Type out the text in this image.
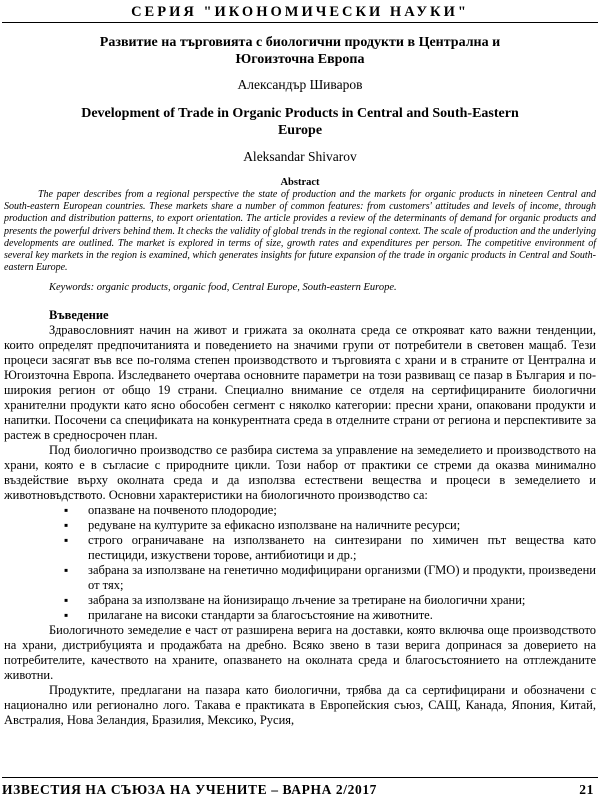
СЕРИЯ "ИКОНОМИЧЕСКИ НАУКИ"
Развитие на търговията с биологични продукти в Централна и Югоизточна Европа
Александър Шиваров
Development of Trade in Organic Products in Central and South-Eastern Europe
Aleksandar Shivarov
Abstract

The paper describes from a regional perspective the state of production and the markets for organic products in nineteen Central and South-eastern European countries. These markets share a number of common features: from customers' attitudes and levels of income, through production and distribution patterns, to export orientation. The article provides a review of the determinants of demand for organic products and presents the powerful drivers behind them. It checks the validity of global trends in the regional context. The scale of production and the underlying developments are outlined. The market is explored in terms of size, growth rates and expenditures per person. The competitive environment of several key markets in the region is examined, which generates insights for future expansion of the trade in organic products in Central and South-eastern Europe.

Keywords: organic products, organic food, Central Europe, South-eastern Europe.
Въведение

Здравословният начин на живот и грижата за околната среда се открояват като важни тенденции, които определят предпочитанията и поведението на значими групи от потребители в световен мащаб. Тези процеси засягат във все по-голяма степен производството и търговията с храни и в страните от Централна и Югоизточна Европа. Изследването очертава основните параметри на този развиващ се пазар в България и по-широкия регион от общо 19 страни. Специално внимание се отделя на сертифицираните биологични хранителни продукти като ясно обособен сегмент с няколко категории: пресни храни, опаковани продукти и напитки. Посочени са спецификата на конкурентната среда в отделните страни от региона и перспективите за растеж в средносрочен план.

Под биологично производство се разбира система за управление на земеделието и производството на храни, която е в съгласие с природните цикли. Този набор от практики се стреми да оказва минимално въздействие върху околната среда и да използва естествени вещества и процеси в земеделието и животновъдството. Основни характеристики на биологичното производство са:

▪ опазване на почвеното плодородие;
▪ редуване на културите за ефикасно използване на наличните ресурси;
▪ строго ограничаване на използването на синтезирани по химичен път вещества като пестициди, изкуствени торове, антибиотици и др.;
▪ забрана за използване на генетично модифицирани организми (ГМО) и продукти, произведени от тях;
▪ забрана за използване на йонизиращо лъчение за третиране на биологични храни;
▪ прилагане на високи стандарти за благосъстояние на животните.

Биологичното земеделие е част от разширена верига на доставки, която включва още производството на храни, дистрибуцията и продажбата на дребно. Всяко звено в тази верига допринася за доверието на потребителите, качеството на храните, опазването на околната среда и благосъстоянието на отглежданите животни.

Продуктите, предлагани на пазара като биологични, трябва да са сертифицирани и обозначени с национално или регионално лого. Такава е практиката в Европейския съюз, САЩ, Канада, Япония, Китай, Австралия, Нова Зеландия, Бразилия, Мексико, Русия,

ИЗВЕСТИЯ НА СЪЮЗА НА УЧЕНИТЕ – ВАРНА 2/2017	21
